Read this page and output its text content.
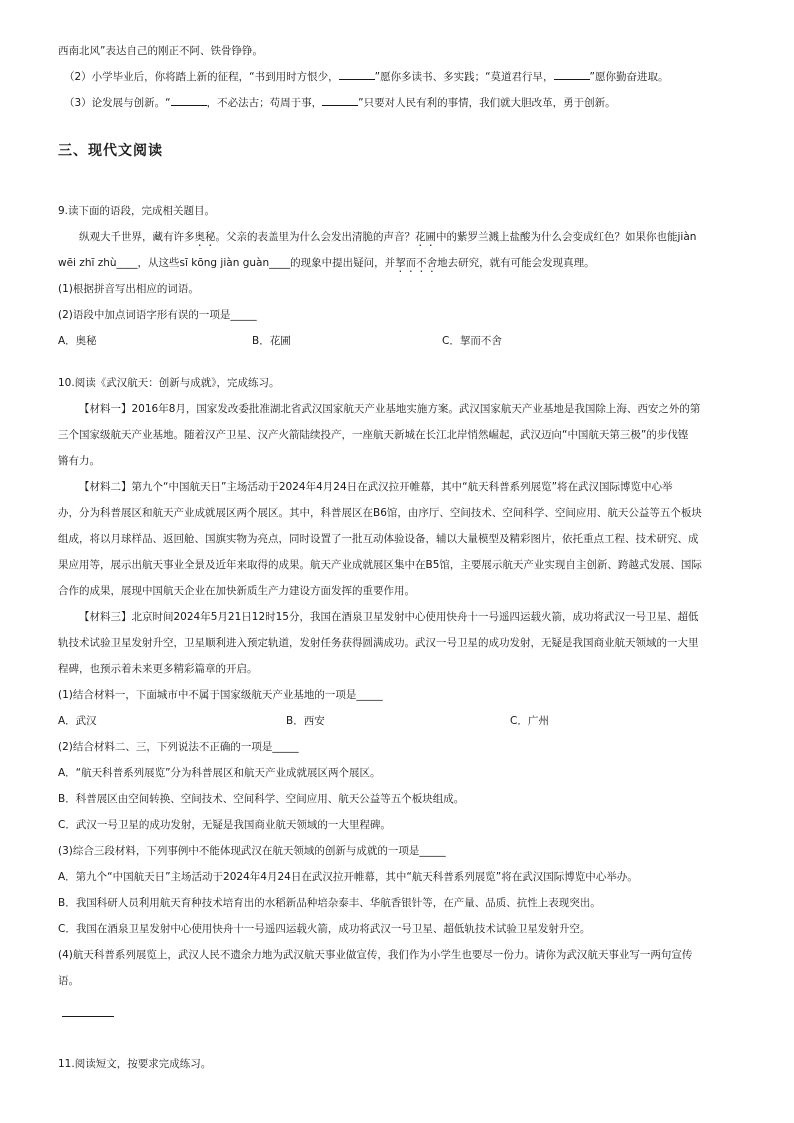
西南北风”表达自己的刚正不阿、铁骨铮铮。
（2）小学毕业后，你将踏上新的征程，“书到用时方恨少，	”愿你多读书、多实践；“莫道君行早，	”愿你勤奋进取。
（3）论发展与创新。“	，不必法古；苟周于事，	”只要对人民有利的事情，我们就大胆改革，勇于创新。
三、现代文阅读
9.读下面的语段，完成相关题目。
纵观大千世界，藏有许多奥秘。父亲的表盖里为什么会发出清脆的声音？花圃中的紫罗兰溅上盐酸为什么会变成红色？如果你也能jiàn
wēi zhī zhù____，从这些sī kōng jiàn guàn____的现象中提出疑问，并挈而不舍地去研究，就有可能会发现真理。
(1)根据拼音写出相应的词语。
(2)语段中加点词语字形有误的一项是_____
A．奥秘	B．花圃	C．挈而不舍
10.阅读《武汉航天：创新与成就》，完成练习。
【材料一】2016年8月，国家发改委批准湖北省武汉国家航天产业基地实施方案。武汉国家航天产业基地是我国除上海、西安之外的第
三个国家级航天产业基地。随着汉产卫星、汉产火箭陆续投产，一座航天新城在长江北岸悄然崛起，武汉迈向“中国航天第三极”的步伐铿
锵有力。
【材料二】第九个“中国航天日”主场活动于2024年4月24日在武汉拉开帷幕，其中“航天科普系列展览”将在武汉国际博览中心举
办，分为科普展区和航天产业成就展区两个展区。其中，科普展区在B6馆，由序厅、空间技术、空间科学、空间应用、航天公益等五个板块
组成，将以月球样品、返回舱、国旗实物为亮点，同时设置了一批互动体验设备，辅以大量模型及精彩图片，依托重点工程、技术研究、成
果应用等，展示出航天事业全景及近年来取得的成果。航天产业成就展区集中在B5馆，主要展示航天产业实现自主创新、跨越式发展、国际
合作的成果，展现中国航天企业在加快新质生产力建设方面发挥的重要作用。
【材料三】北京时间2024年5月21日12时15分，我国在酒泉卫星发射中心使用快舟十一号遥四运载火箭，成功将武汉一号卫星、超低
轨技术试验卫星发射升空，卫星顺利进入预定轨道，发射任务获得圆满成功。武汉一号卫星的成功发射，无疑是我国商业航天领域的一大里
程碑，也预示着未来更多精彩篇章的开启。
(1)结合材料一，下面城市中不属于国家级航天产业基地的一项是_____
A．武汉	B．西安	C．广州
(2)结合材料二、三，下列说法不正确的一项是_____
A．“航天科普系列展览”分为科普展区和航天产业成就展区两个展区。
B．科普展区由空间转换、空间技术、空间科学、空间应用、航天公益等五个板块组成。
C．武汉一号卫星的成功发射，无疑是我国商业航天领域的一大里程碑。
(3)综合三段材料，下列事例中不能体现武汉在航天领域的创新与成就的一项是_____
A．第九个“中国航天日”主场活动于2024年4月24日在武汉拉开帷幕，其中“航天科普系列展览”将在武汉国际博览中心举办。
B．我国科研人员利用航天育种技术培育出的水稻新品种培杂泰丰、华航香银针等，在产量、品质、抗性上表现突出。
C．我国在酒泉卫星发射中心使用快舟十一号遥四运载火箭，成功将武汉一号卫星、超低轨技术试验卫星发射升空。
(4)航天科普系列展览上，武汉人民不遗余力地为武汉航天事业做宣传，我们作为小学生也要尽一份力。请你为武汉航天事业写一两句宣传
语。
11.阅读短文，按要求完成练习。
